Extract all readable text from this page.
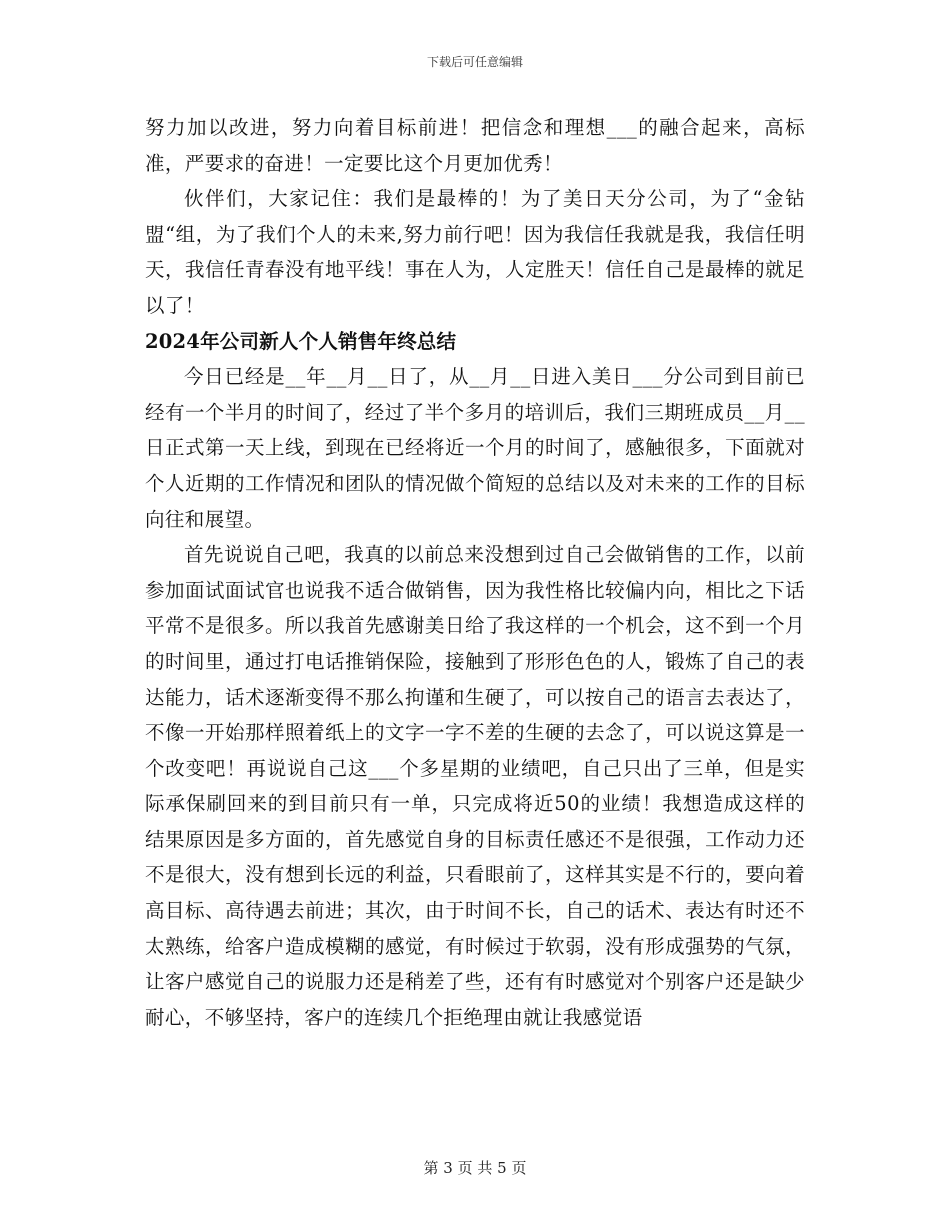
下载后可任意编辑

努力加以改进，努力向着目标前进！把信念和理想___的融合起来，高标准，严要求的奋进！一定要比这个月更加优秀！

伙伴们，大家记住：我们是最棒的！为了美日天分公司，为了“金钻盟“组，为了我们个人的未来,努力前行吧！因为我信任我就是我，我信任明天，我信任青春没有地平线！事在人为，人定胜天！信任自己是最棒的就足以了！

2024年公司新人个人销售年终总结

今日已经是__年__月__日了，从__月__日进入美日___分公司到目前已经有一个半月的时间了，经过了半个多月的培训后，我们三期班成员__月__日正式第一天上线，到现在已经将近一个月的时间了，感触很多，下面就对个人近期的工作情况和团队的情况做个简短的总结以及对未来的工作的目标向往和展望。

首先说说自己吧，我真的以前总来没想到过自己会做销售的工作，以前参加面试面试官也说我不适合做销售，因为我性格比较偏内向，相比之下话平常不是很多。所以我首先感谢美日给了我这样的一个机会，这不到一个月的时间里，通过打电话推销保险，接触到了形形色色的人，锻炼了自己的表达能力，话术逐渐变得不那么拘谨和生硬了，可以按自己的语言去表达了，不像一开始那样照着纸上的文字一字不差的生硬的去念了，可以说这算是一个改变吧！再说说自己这___个多星期的业绩吧，自己只出了三单，但是实际承保刷回来的到目前只有一单，只完成将近50的业绩！我想造成这样的结果原因是多方面的，首先感觉自身的目标责任感还不是很强，工作动力还不是很大，没有想到长远的利益，只看眼前了，这样其实是不行的，要向着高目标、高待遇去前进；其次，由于时间不长，自己的话术、表达有时还不太熟练，给客户造成模糊的感觉，有时候过于软弱，没有形成强势的气氛，让客户感觉自己的说服力还是稍差了些，还有有时感觉对个别客户还是缺少耐心，不够坚持，客户的连续几个拒绝理由就让我感觉语

第 3 页 共 5 页
